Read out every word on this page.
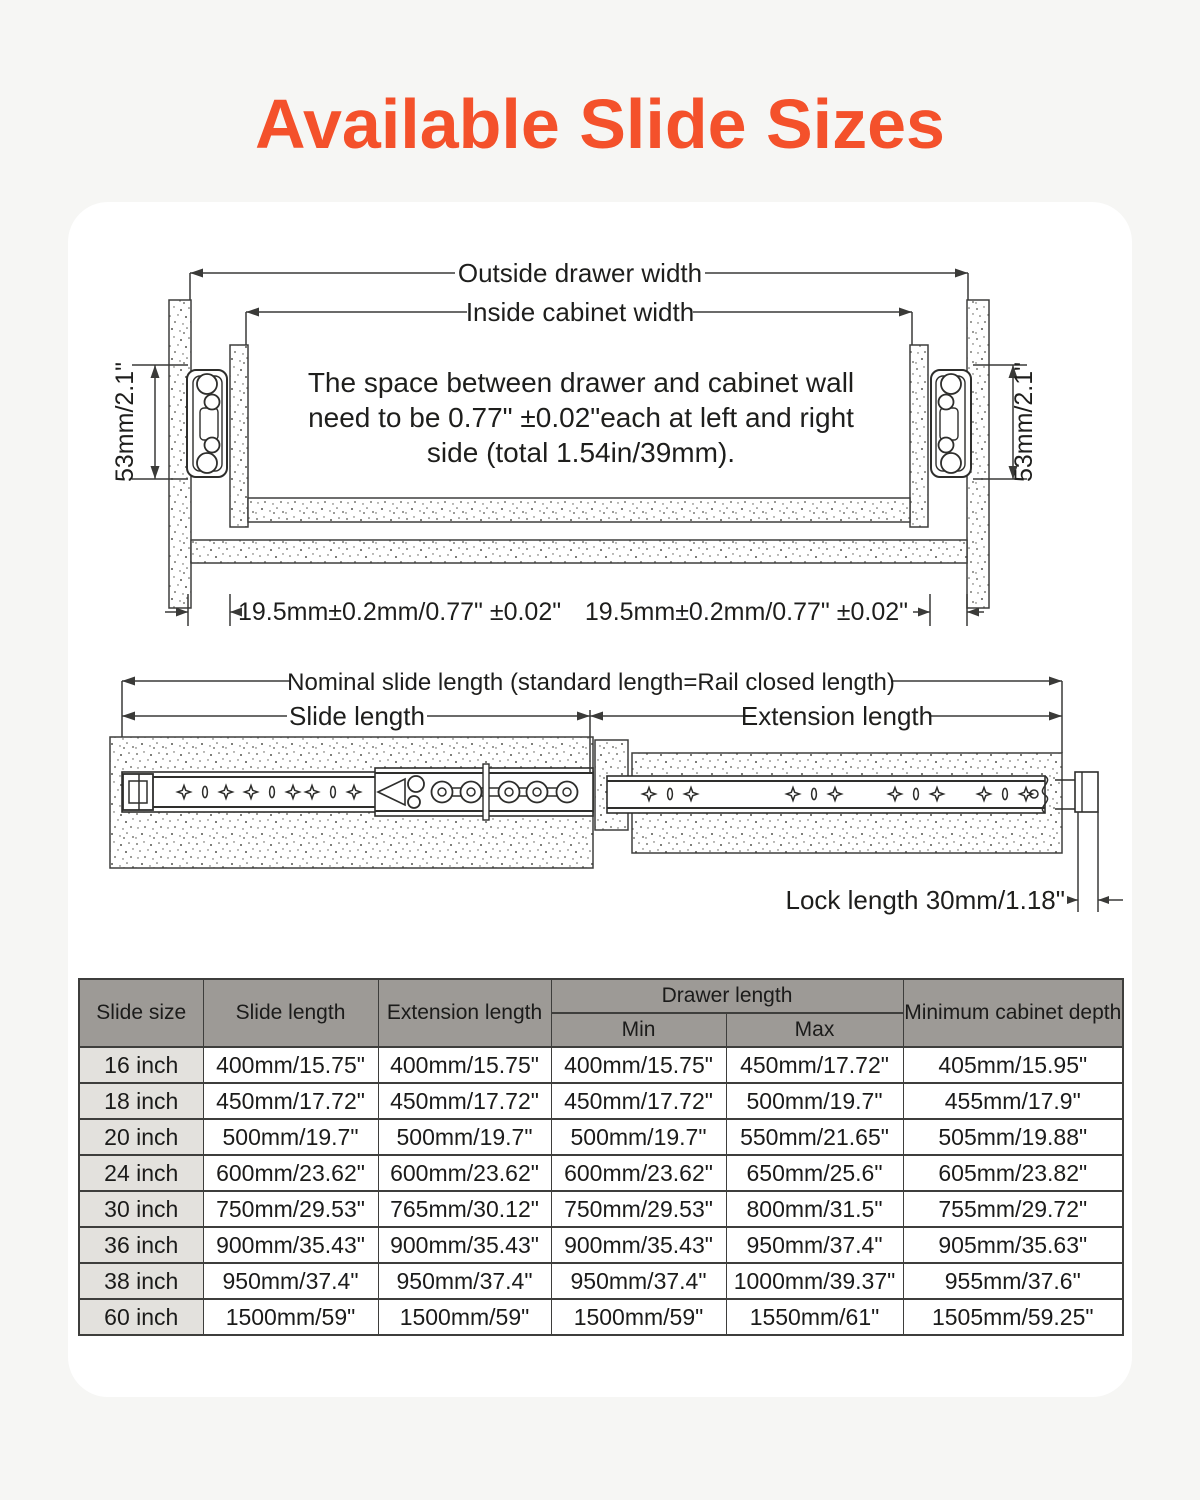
Available Slide Sizes
Outside drawer width
Inside cabinet width
The space between drawer and cabinet wall
need to be 0.77" ±0.02"each at left and right
side (total 1.54in/39mm).
53mm/2.1"	53mm/2.1"
19.5mm±0.2mm/0.77" ±0.02" 19.5mm±0.2mm/0.77" ±0.02"
Nominal slide length (standard length=Rail closed length)
Slide length	Extension length
Lock length 30mm/1.18"
Slide size	Slide length	Extension length	Drawer length		Minimum cabinet depth
			Min	Max	
16 inch	400mm/15.75"	400mm/15.75"	400mm/15.75"	450mm/17.72"	405mm/15.95"
18 inch	450mm/17.72"	450mm/17.72"	450mm/17.72"	500mm/19.7"	455mm/17.9"
20 inch	500mm/19.7"	500mm/19.7"	500mm/19.7"	550mm/21.65"	505mm/19.88"
24 inch	600mm/23.62"	600mm/23.62"	600mm/23.62"	650mm/25.6"	605mm/23.82"
30 inch	750mm/29.53"	765mm/30.12"	750mm/29.53"	800mm/31.5"	755mm/29.72"
36 inch	900mm/35.43"	900mm/35.43"	900mm/35.43"	950mm/37.4"	905mm/35.63"
38 inch	950mm/37.4"	950mm/37.4"	950mm/37.4"	1000mm/39.37"	955mm/37.6"
60 inch	1500mm/59"	1500mm/59"	1500mm/59"	1550mm/61"	1505mm/59.25"
